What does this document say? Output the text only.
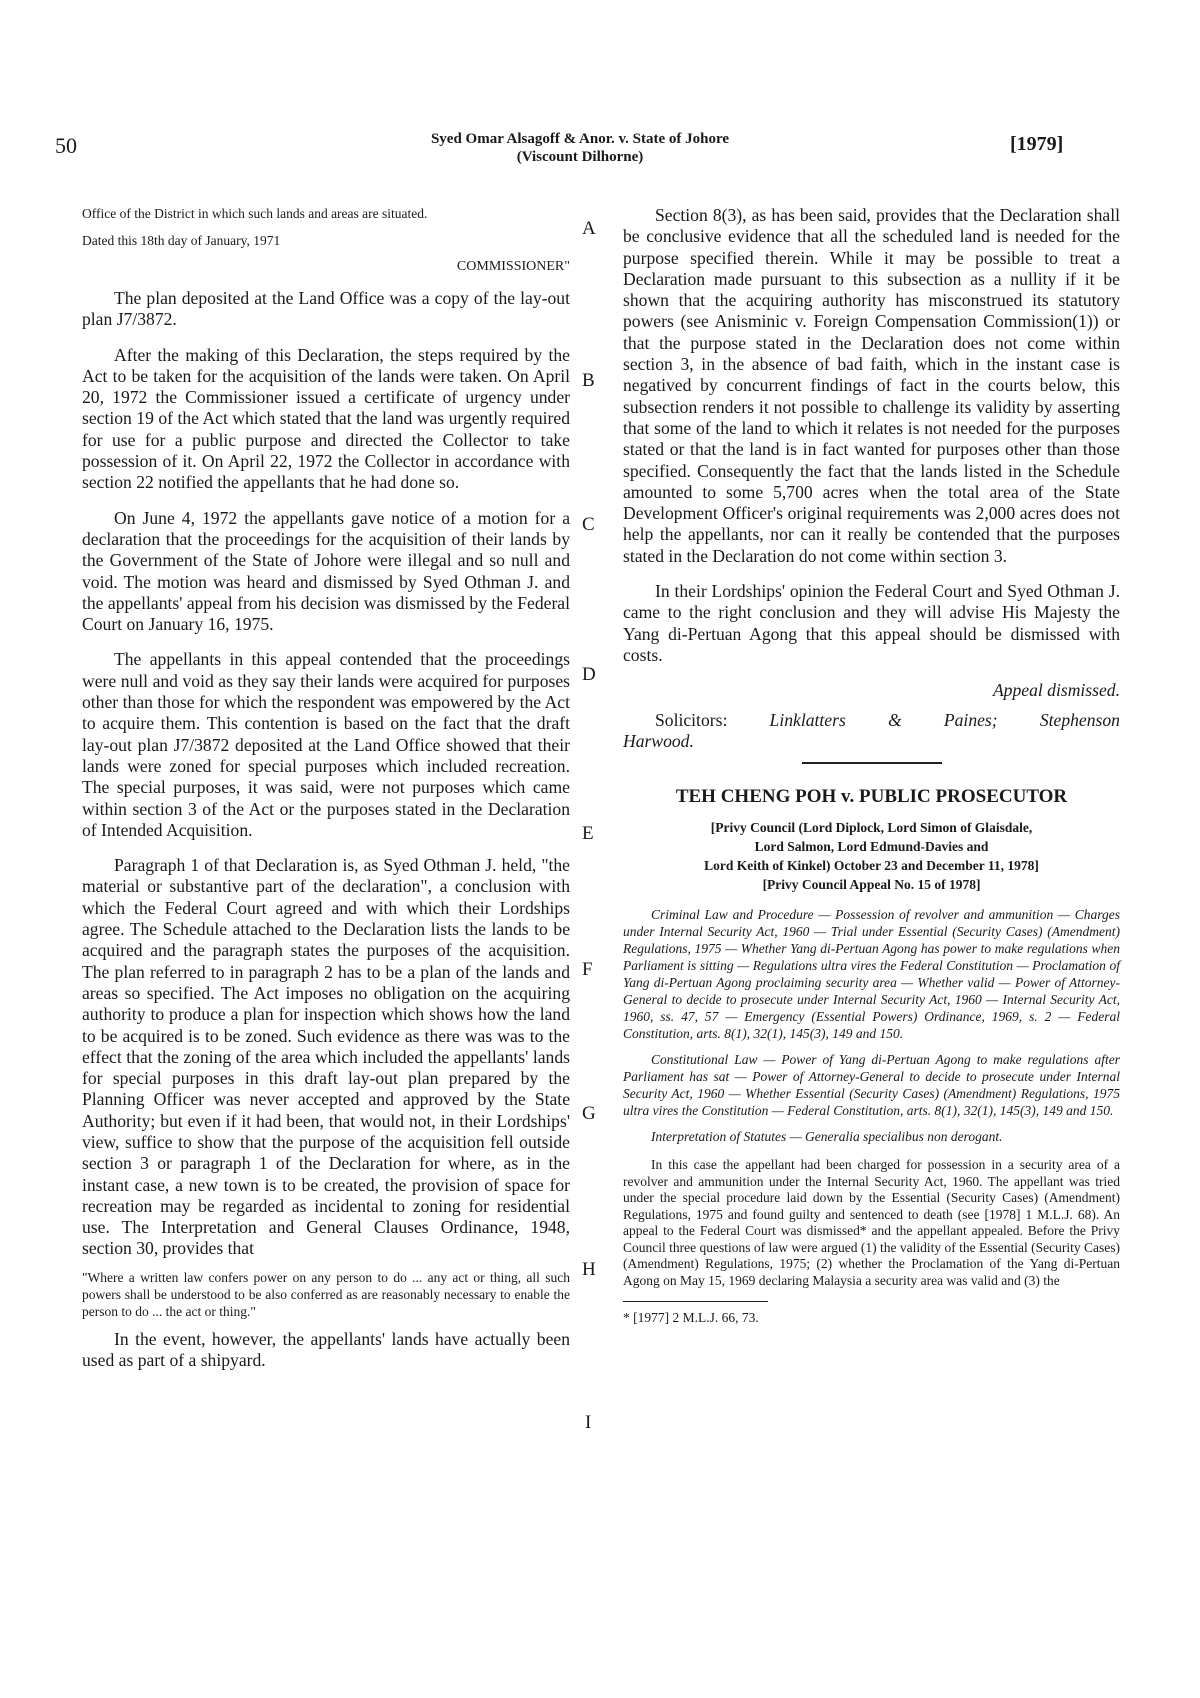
50	Syed Omar Alsagoff & Anor. v. State of Johore
(Viscount Dilhorne)
[1979]
A
B
C
D
E
F
G
H
I

Office of the District in which such lands and areas are situated.

Dated this 18th day of January, 1971

COMMISSIONER"

The plan deposited at the Land Office was a copy of the lay-out plan J7/3872.

After the making of this Declaration, the steps required by the Act to be taken for the acquisition of the lands were taken. On April 20, 1972 the Commissioner issued a certificate of urgency under section 19 of the Act which stated that the land was urgently required for use for a public purpose and directed the Collector to take possession of it. On April 22, 1972 the Collector in accordance with section 22 notified the appellants that he had done so.

On June 4, 1972 the appellants gave notice of a motion for a declaration that the proceedings for the acquisition of their lands by the Government of the State of Johore were illegal and so null and void. The motion was heard and dismissed by Syed Othman J. and the appellants' appeal from his decision was dismissed by the Federal Court on January 16, 1975.

The appellants in this appeal contended that the proceedings were null and void as they say their lands were acquired for purposes other than those for which the respondent was empowered by the Act to acquire them. This contention is based on the fact that the draft lay-out plan J7/3872 deposited at the Land Office showed that their lands were zoned for special purposes which included recreation. The special purposes, it was said, were not purposes which came within section 3 of the Act or the purposes stated in the Declaration of Intended Acquisition.

Paragraph 1 of that Declaration is, as Syed Othman J. held, "the material or substantive part of the declaration", a conclusion with which the Federal Court agreed and with which their Lordships agree. The Schedule attached to the Declaration lists the lands to be acquired and the paragraph states the purposes of the acquisition. The plan referred to in paragraph 2 has to be a plan of the lands and areas so specified. The Act imposes no obligation on the acquiring authority to produce a plan for inspection which shows how the land to be acquired is to be zoned. Such evidence as there was was to the effect that the zoning of the area which included the appellants' lands for special purposes in this draft lay-out plan prepared by the Planning Officer was never accepted and approved by the State Authority; but even if it had been, that would not, in their Lordships' view, suffice to show that the purpose of the acquisition fell outside section 3 or paragraph 1 of the Declaration for where, as in the instant case, a new town is to be created, the provision of space for recreation may be regarded as incidental to zoning for residential use. The Interpretation and General Clauses Ordinance, 1948, section 30, provides that

"Where a written law confers power on any person to do ... any act or thing, all such powers shall be understood to be also conferred as are reasonably necessary to enable the person to do ... the act or thing."

In the event, however, the appellants' lands have actually been used as part of a shipyard.

Section 8(3), as has been said, provides that the Declaration shall be conclusive evidence that all the scheduled land is needed for the purpose specified therein. While it may be possible to treat a Declaration made pursuant to this subsection as a nullity if it be shown that the acquiring authority has misconstrued its statutory powers (see Anisminic v. Foreign Compensation Commission(1)) or that the purpose stated in the Declaration does not come within section 3, in the absence of bad faith, which in the instant case is negatived by concurrent findings of fact in the courts below, this subsection renders it not possible to challenge its validity by asserting that some of the land to which it relates is not needed for the purposes stated or that the land is in fact wanted for purposes other than those specified. Consequently the fact that the lands listed in the Schedule amounted to some 5,700 acres when the total area of the State Development Officer's original requirements was 2,000 acres does not help the appellants, nor can it really be contended that the purposes stated in the Declaration do not come within section 3.

In their Lordships' opinion the Federal Court and Syed Othman J. came to the right conclusion and they will advise His Majesty the Yang di-Pertuan Agong that this appeal should be dismissed with costs.

Appeal dismissed.

Solicitors: Linklatters & Paines; Stephenson

Harwood.

TEH CHENG POH v. PUBLIC PROSECUTOR

[Privy Council (Lord Diplock, Lord Simon of Glaisdale,
Lord Salmon, Lord Edmund-Davies and
Lord Keith of Kinkel) October 23 and December 11, 1978]
[Privy Council Appeal No. 15 of 1978]

Criminal Law and Procedure — Possession of revolver and ammunition — Charges under Internal Security Act, 1960 — Trial under Essential (Security Cases) (Amendment) Regulations, 1975 — Whether Yang di-Pertuan Agong has power to make regulations when Parliament is sitting — Regulations ultra vires the Federal Constitution — Proclamation of Yang di-Pertuan Agong proclaiming security area — Whether valid — Power of Attorney-General to decide to prosecute under Internal Security Act, 1960 — Internal Security Act, 1960, ss. 47, 57 — Emergency (Essential Powers) Ordinance, 1969, s. 2 — Federal Constitution, arts. 8(1), 32(1), 145(3), 149 and 150.

Constitutional Law — Power of Yang di-Pertuan Agong to make regulations after Parliament has sat — Power of Attorney-General to decide to prosecute under Internal Security Act, 1960 — Whether Essential (Security Cases) (Amendment) Regulations, 1975 ultra vires the Constitution — Federal Constitution, arts. 8(1), 32(1), 145(3), 149 and 150.

Interpretation of Statutes — Generalia specialibus non derogant.

In this case the appellant had been charged for possession in a security area of a revolver and ammunition under the Internal Security Act, 1960. The appellant was tried under the special procedure laid down by the Essential (Security Cases) (Amendment) Regulations, 1975 and found guilty and sentenced to death (see [1978] 1 M.L.J. 68). An appeal to the Federal Court was dismissed* and the appellant appealed. Before the Privy Council three questions of law were argued (1) the validity of the Essential (Security Cases) (Amendment) Regulations, 1975; (2) whether the Proclamation of the Yang di-Pertuan Agong on May 15, 1969 declaring Malaysia a security area was valid and (3) the

* [1977] 2 M.L.J. 66, 73.
